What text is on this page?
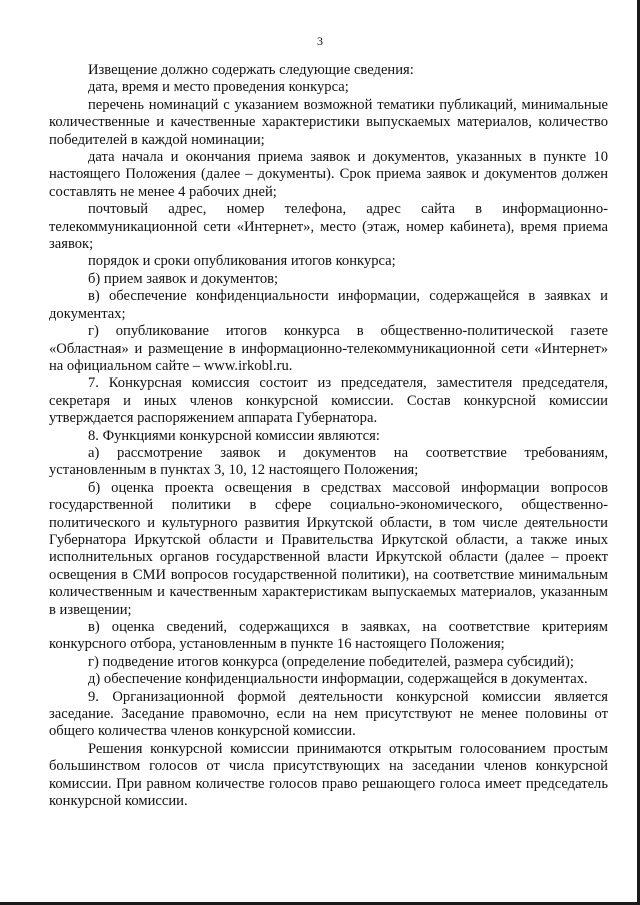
3

Извещение должно содержать следующие сведения:

дата, время и место проведения конкурса;

перечень номинаций с указанием возможной тематики публикаций, минимальные количественные и качественные характеристики выпускаемых материалов, количество победителей в каждой номинации;

дата начала и окончания приема заявок и документов, указанных в пункте 10 настоящего Положения (далее – документы). Срок приема заявок и документов должен составлять не менее 4 рабочих дней;

почтовый адрес, номер телефона, адрес сайта в информационно-телекоммуникационной сети «Интернет», место (этаж, номер кабинета), время приема заявок;

порядок и сроки опубликования итогов конкурса;

б) прием заявок и документов;

в) обеспечение конфиденциальности информации, содержащейся в заявках и документах;

г) опубликование итогов конкурса в общественно-политической газете «Областная» и размещение в информационно-телекоммуникационной сети «Интернет» на официальном сайте – www.irkobl.ru.

7. Конкурсная комиссия состоит из председателя, заместителя председателя, секретаря и иных членов конкурсной комиссии. Состав конкурсной комиссии утверждается распоряжением аппарата Губернатора.

8. Функциями конкурсной комиссии являются:

а) рассмотрение заявок и документов на соответствие требованиям, установленным в пунктах 3, 10, 12 настоящего Положения;

б) оценка проекта освещения в средствах массовой информации вопросов государственной политики в сфере социально-экономического, общественно-политического и культурного развития Иркутской области, в том числе деятельности Губернатора Иркутской области и Правительства Иркутской области, а также иных исполнительных органов государственной власти Иркутской области (далее – проект освещения в СМИ вопросов государственной политики), на соответствие минимальным количественным и качественным характеристикам выпускаемых материалов, указанным в извещении;

в) оценка сведений, содержащихся в заявках, на соответствие критериям конкурсного отбора, установленным в пункте 16 настоящего Положения;

г) подведение итогов конкурса (определение победителей, размера субсидий);

д) обеспечение конфиденциальности информации, содержащейся в документах.

9. Организационной формой деятельности конкурсной комиссии является заседание. Заседание правомочно, если на нем присутствуют не менее половины от общего количества членов конкурсной комиссии.

Решения конкурсной комиссии принимаются открытым голосованием простым большинством голосов от числа присутствующих на заседании членов конкурсной комиссии. При равном количестве голосов право решающего голоса имеет председатель конкурсной комиссии.
